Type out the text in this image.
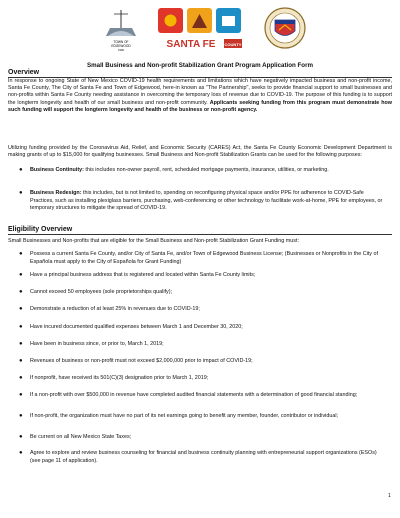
TOWN OF
EDGEWOOD
1999
SANTA FE COUNTY
Small Business and Non-profit Stabilization Grant Program Application Form
Overview
In response to ongoing State of New Mexico COVID-19 health requirements and limitations which have negatively impacted business and non-profit income, Santa Fe County, The City of Santa Fe and Town of Edgewood, here-in known as "The Partnership", seeks to provide financial support to small businesses and non-profits within Santa Fe County needing assistance in overcoming the temporary loss of revenue due to COVID-19. The purpose of this funding is to support the longterm longevity and health of our small business and non-profit community. Applicants seeking funding from this program must demonstrate how such funding will support the longterm longevity and health of the business or non-profit agency.
Utilizing funding provided by the Coronavirus Aid, Relief, and Economic Security (CARES) Act, the Santa Fe County Economic Development Department is making grants of up to $15,000 for qualifying businesses. Small Business and Non-profit Stabilization Grants can be used for the following purposes:
● Business Continuity: this includes non-owner payroll, rent, scheduled mortgage payments, insurance, utilities, or marketing.
● Business Redesign: this includes, but is not limited to, spending on reconfiguring physical space and/or PPE for adherence to COVID-Safe Practices, such as installing plexiglass barriers, purchasing, web-conferencing or other technology to facilitate work-at-home, PPE for employees, or temporary structures to mitigate the spread of COVID-19.
Eligibility Overview
Small Businesses and Non-profits that are eligible for the Small Business and Non-profit Stabilization Grant Funding must:
● Possess a current Santa Fe County, and/or City of Santa Fe, and/or Town of Edgewood Business License; (Businesses or Nonprofits in the City of Española must apply to the City of Española for Grant Funding)
● Have a principal business address that is registered and located within Santa Fe County limits;
● Cannot exceed 50 employees (sole proprietorships qualify);
● Demonstrate a reduction of at least 25% in revenues due to COVID-19;
● Have incured documented qualified expenses between March 1 and December 30, 2020;
● Have been in business since, or prior to, March 1, 2019;
● Revenues of business or non-profit must not exceed $2,000,000 prior to impact of COVID-19;
● If nonprofit, have received its 501(C)(3) designation prior to March 1, 2019;
● If a non-profit with over $500,000 in revenue have completed audited financial statements with a determination of good financial standing;
● If non-profit, the organization must have no part of its net earnings going to benefit any member, founder, contributor or individual;
● Be current on all New Mexico State Taxes;
● Agree to explore and review business counseling for financial and business continuity planning with entrepreneurial support organizations (ESOs) (see page 11 of application).
1
